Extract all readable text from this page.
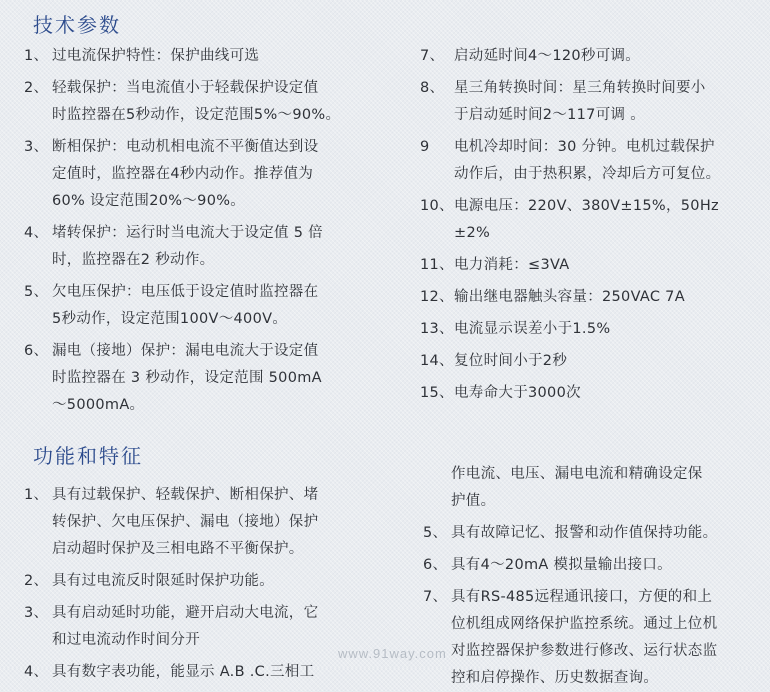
技术参数
1、 过电流保护特性：保护曲线可选
2、 轻载保护：当电流值小于轻载保护设定值
时监控器在5秒动作，设定范围5%～90%。
3、 断相保护：电动机相电流不平衡值达到设
定值时，监控器在4秒内动作。推荐值为
60% 设定范围20%～90%。
4、 堵转保护：运行时当电流大于设定值 5 倍
时，监控器在2 秒动作。
5、 欠电压保护：电压低于设定值时监控器在
5秒动作，设定范围100V～400V。
6、 漏电（接地）保护：漏电电流大于设定值
时监控器在 3 秒动作，设定范围 500mA
～5000mA。
7、 启动延时间4～120秒可调。
8、 星三角转换时间：星三角转换时间要小
于启动延时间2～117可调 。
9 电机冷却时间：30 分钟。电机过载保护
动作后，由于热积累，冷却后方可复位。
10、电源电压：220V、380V±15%，50Hz
±2%
11、电力消耗：≤3VA
12、输出继电器触头容量：250VAC 7A
13、电流显示误差小于1.5%
14、复位时间小于2秒
15、电寿命大于3000次
功能和特征
1、 具有过载保护、轻载保护、断相保护、堵
转保护、欠电压保护、漏电（接地）保护
启动超时保护及三相电路不平衡保护。
2、 具有过电流反时限延时保护功能。
3、 具有启动延时功能，避开启动大电流，它
和过电流动作时间分开
4、 具有数字表功能，能显示 A.B .C.三相工
作电流、电压、漏电电流和精确设定保
护值。
5、 具有故障记忆、报警和动作值保持功能。
6、 具有4～20mA 模拟量输出接口。
7、 具有RS-485远程通讯接口，方便的和上
位机组成网络保护监控系统。通过上位机
对监控器保护参数进行修改、运行状态监
控和启停操作、历史数据查询。
www.91way.com
